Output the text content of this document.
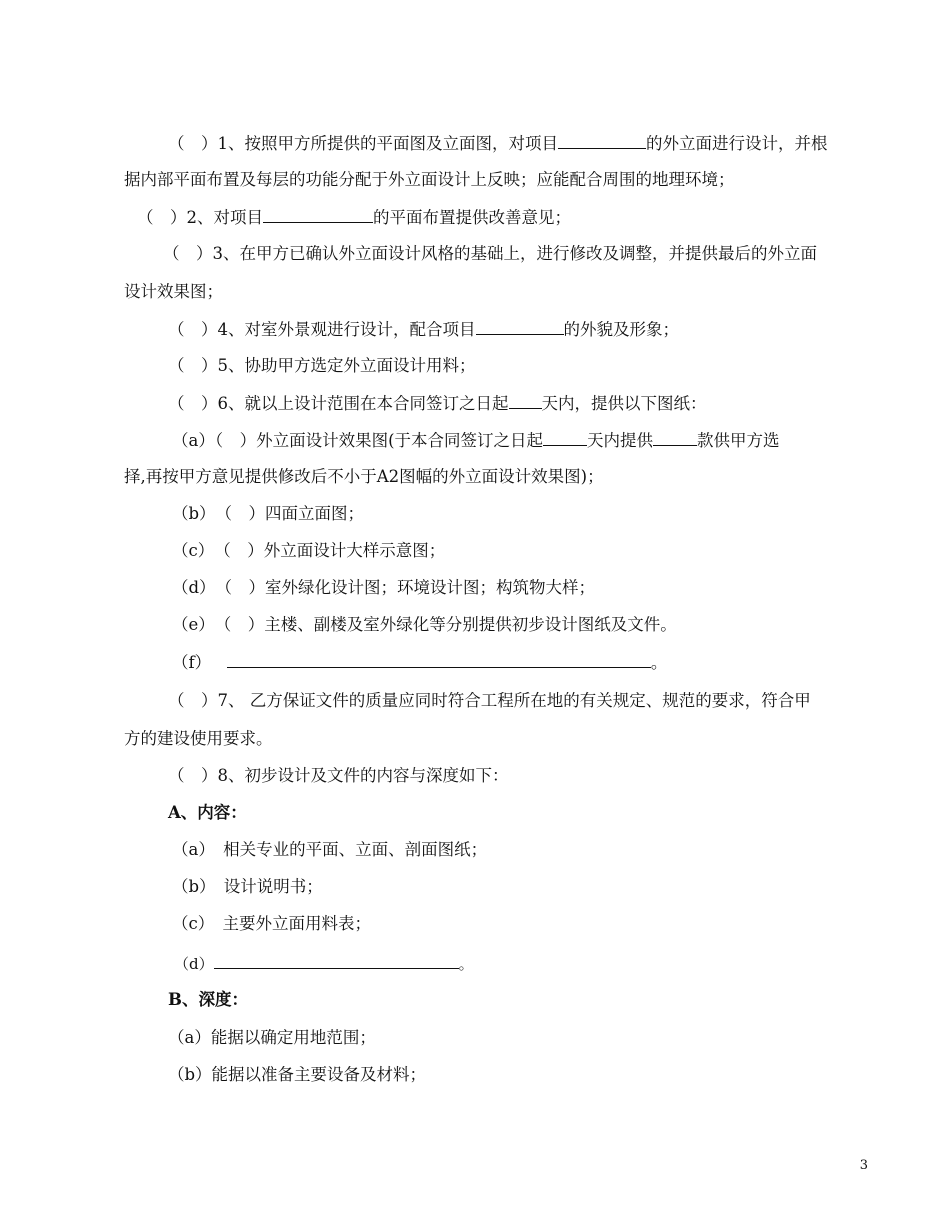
（　）1、按照甲方所提供的平面图及立面图，对项目	的外立面进行设计，并根
据内部平面布置及每层的功能分配于外立面设计上反映；应能配合周围的地理环境；
（　）2、对项目	的平面布置提供改善意见；
（　）3、在甲方已确认外立面设计风格的基础上，进行修改及调整，并提供最后的外立面
设计效果图；
（　）4、对室外景观进行设计，配合项目	的外貌及形象；
（　）5、协助甲方选定外立面设计用料；
（　）6、就以上设计范围在本合同签订之日起 天内，提供以下图纸：
（a）（　）外立面设计效果图(于本合同签订之日起	天内提供	款供甲方选
择,再按甲方意见提供修改后不小于A2图幅的外立面设计效果图)；
（b）　（　）四面立面图；
（c）　（　）外立面设计大样示意图；
（d）　（　）室外绿化设计图；环境设计图；构筑物大样；
（e）　（　）主楼、副楼及室外绿化等分别提供初步设计图纸及文件。
（f）	。
（　）7、 乙方保证文件的质量应同时符合工程所在地的有关规定、规范的要求，符合甲
方的建设使用要求。
（　）8、初步设计及文件的内容与深度如下：
A、内容：
（a）　相关专业的平面、立面、剖面图纸；
（b）　设计说明书；
（c）　主要外立面用料表；
（d）	。
B、深度：
（a）能据以确定用地范围；
（b）能据以准备主要设备及材料；
3
